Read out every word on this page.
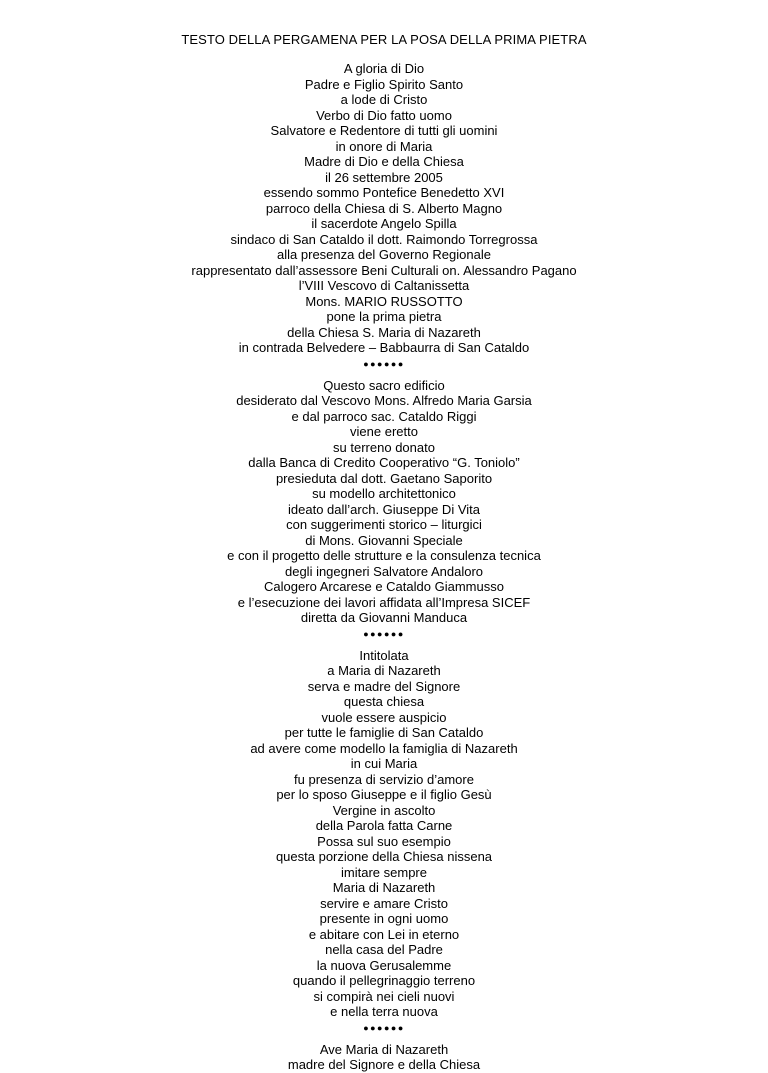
TESTO DELLA PERGAMENA PER LA POSA DELLA PRIMA PIETRA
A gloria di Dio
Padre e Figlio Spirito Santo
a lode di Cristo
Verbo di Dio fatto uomo
Salvatore e Redentore di tutti gli uomini
in onore di Maria
Madre di Dio e della Chiesa
il 26 settembre 2005
essendo sommo Pontefice Benedetto XVI
parroco della Chiesa di S. Alberto Magno
il sacerdote Angelo Spilla
sindaco di San Cataldo il dott. Raimondo Torregrossa
alla presenza del Governo Regionale
rappresentato dall’assessore Beni Culturali on. Alessandro Pagano
l’VIII Vescovo di Caltanissetta
Mons. MARIO RUSSOTTO
pone la prima pietra
della Chiesa S. Maria di Nazareth
in contrada Belvedere – Babbaurra di San Cataldo
●●●●●●
Questo sacro edificio
desiderato dal Vescovo Mons. Alfredo Maria Garsia
e dal parroco sac. Cataldo Riggi
viene eretto
su terreno donato
dalla Banca di Credito Cooperativo “G. Toniolo”
presieduta dal dott. Gaetano Saporito
su modello architettonico
ideato dall’arch. Giuseppe Di Vita
con suggerimenti storico – liturgici
di Mons. Giovanni Speciale
e con il progetto delle strutture e la consulenza tecnica
degli ingegneri Salvatore Andaloro
Calogero Arcarese e Cataldo Giammusso
e l’esecuzione dei lavori affidata all’Impresa SICEF
diretta da Giovanni Manduca
●●●●●●
Intitolata
a Maria di Nazareth
serva e madre del Signore
questa chiesa
vuole essere auspicio
per tutte le famiglie di San Cataldo
ad avere come modello la famiglia di Nazareth
in cui Maria
fu presenza di servizio d’amore
per lo sposo Giuseppe e il figlio Gesù
Vergine in ascolto
della Parola fatta Carne
Possa sul suo esempio
questa porzione della Chiesa nissena
imitare sempre
Maria di Nazareth
servire e amare Cristo
presente in ogni uomo
e abitare con Lei in eterno
nella casa del Padre
la nuova Gerusalemme
quando il pellegrinaggio terreno
si compirà nei cieli nuovi
e nella terra nuova
●●●●●●
Ave Maria di Nazareth
madre del Signore e della Chiesa
